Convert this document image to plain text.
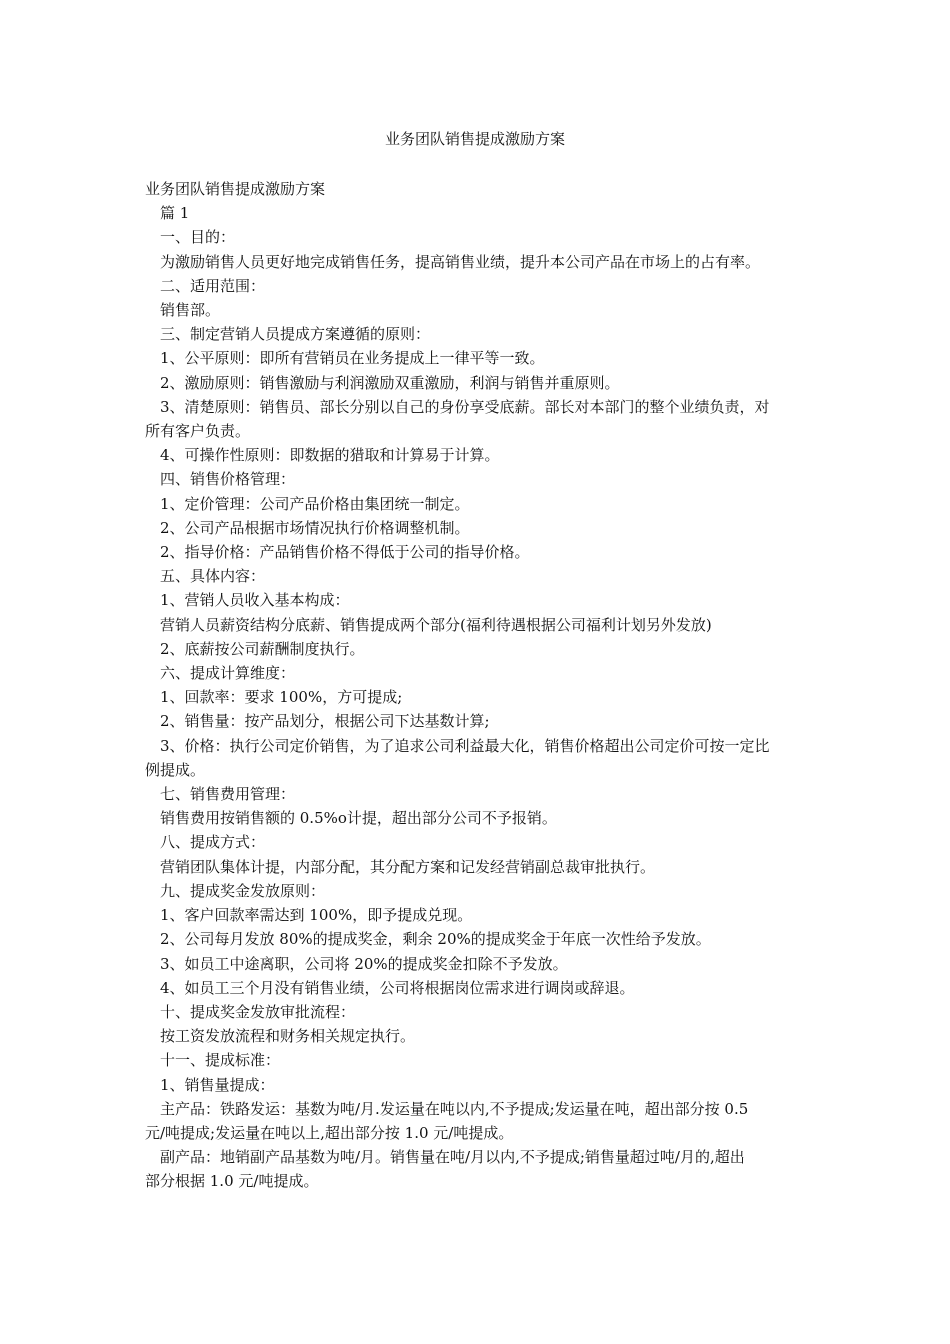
业务团队销售提成激励方案

业务团队销售提成激励方案

篇 1

一、目的：

为激励销售人员更好地完成销售任务，提高销售业绩，提升本公司产品在市场上的占有率。

二、适用范围：

销售部。

三、制定营销人员提成方案遵循的原则：

1、公平原则：即所有营销员在业务提成上一律平等一致。

2、激励原则：销售激励与利润激励双重激励，利润与销售并重原则。

3、清楚原则：销售员、部长分别以自己的身份享受底薪。部长对本部门的整个业绩负责，对

所有客户负责。

4、可操作性原则：即数据的猎取和计算易于计算。

四、销售价格管理：

1、定价管理：公司产品价格由集团统一制定。

2、公司产品根据市场情况执行价格调整机制。

2、指导价格：产品销售价格不得低于公司的指导价格。

五、具体内容：

1、营销人员收入基本构成：

营销人员薪资结构分底薪、销售提成两个部分(福利待遇根据公司福利计划另外发放)

2、底薪按公司薪酬制度执行。

六、提成计算维度：

1、回款率：要求 100%，方可提成;

2、销售量：按产品划分，根据公司下达基数计算;

3、价格：执行公司定价销售，为了追求公司利益最大化，销售价格超出公司定价可按一定比

例提成。

七、销售费用管理：

销售费用按销售额的 0.5%o计提，超出部分公司不予报销。

八、提成方式：

营销团队集体计提，内部分配，其分配方案和记发经营销副总裁审批执行。

九、提成奖金发放原则：

1、客户回款率需达到 100%，即予提成兑现。

2、公司每月发放 80%的提成奖金，剩余 20%的提成奖金于年底一次性给予发放。

3、如员工中途离职，公司将 20%的提成奖金扣除不予发放。

4、如员工三个月没有销售业绩，公司将根据岗位需求进行调岗或辞退。

十、提成奖金发放审批流程：

按工资发放流程和财务相关规定执行。

十一、提成标准：

1、销售量提成：

主产品：铁路发运：基数为吨/月.发运量在吨以内,不予提成;发运量在吨，超出部分按 0.5

元/吨提成;发运量在吨以上,超出部分按 1.0 元/吨提成。

副产品：地销副产品基数为吨/月。销售量在吨/月以内,不予提成;销售量超过吨/月的,超出

部分根据 1.0 元/吨提成。
